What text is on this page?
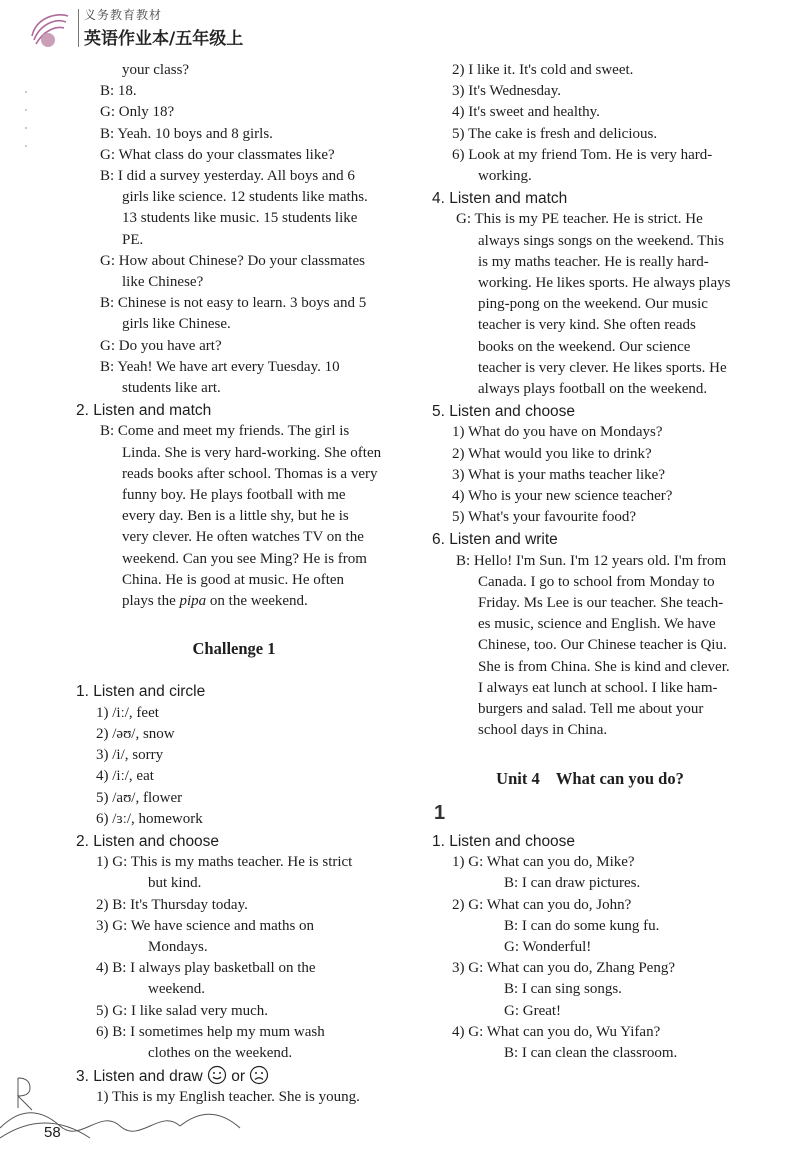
义务教育教材
英语作业本/五年级上
your class?
B: 18.
G: Only 18?
B: Yeah. 10 boys and 8 girls.
G: What class do your classmates like?
B: I did a survey yesterday. All boys and 6
girls like science. 12 students like maths.
13 students like music. 15 students like
PE.
G: How about Chinese? Do your classmates
like Chinese?
B: Chinese is not easy to learn. 3 boys and 5
girls like Chinese.
G: Do you have art?
B: Yeah! We have art every Tuesday. 10
students like art.
2. Listen and match
B: Come and meet my friends. The girl is
Linda. She is very hard-working. She often
reads books after school. Thomas is a very
funny boy. He plays football with me
every day. Ben is a little shy, but he is
very clever. He often watches TV on the
weekend. Can you see Ming? He is from
China. He is good at music. He often
plays the pipa on the weekend.
Challenge 1
1. Listen and circle
1) /iː/, feet
2) /əʊ/, snow
3) /i/, sorry
4) /iː/, eat
5) /aʊ/, flower
6) /ɜː/, homework
2. Listen and choose
1) G: This is my maths teacher. He is strict
but kind.
2) B: It's Thursday today.
3) G: We have science and maths on
Mondays.
4) B: I always play basketball on the
weekend.
5) G: I like salad very much.
6) B: I sometimes help my mum wash
clothes on the weekend.
3. Listen and draw or
1) This is my English teacher. She is young.
2) I like it. It's cold and sweet.
3) It's Wednesday.
4) It's sweet and healthy.
5) The cake is fresh and delicious.
6) Look at my friend Tom. He is very hard-
working.
4. Listen and match
G: This is my PE teacher. He is strict. He
always sings songs on the weekend. This
is my maths teacher. He is really hard-
working. He likes sports. He always plays
ping-pong on the weekend. Our music
teacher is very kind. She often reads
books on the weekend. Our science
teacher is very clever. He likes sports. He
always plays football on the weekend.
5. Listen and choose
1) What do you have on Mondays?
2) What would you like to drink?
3) What is your maths teacher like?
4) Who is your new science teacher?
5) What's your favourite food?
6. Listen and write
B: Hello! I'm Sun. I'm 12 years old. I'm from
Canada. I go to school from Monday to
Friday. Ms Lee is our teacher. She teach-
es music, science and English. We have
Chinese, too. Our Chinese teacher is Qiu.
She is from China. She is kind and clever.
I always eat lunch at school. I like ham-
burgers and salad. Tell me about your
school days in China.
Unit 4    What can you do?
1
1. Listen and choose
1) G: What can you do, Mike?
B: I can draw pictures.
2) G: What can you do, John?
B: I can do some kung fu.
G: Wonderful!
3) G: What can you do, Zhang Peng?
B: I can sing songs.
G: Great!
4) G: What can you do, Wu Yifan?
B: I can clean the classroom.
58
